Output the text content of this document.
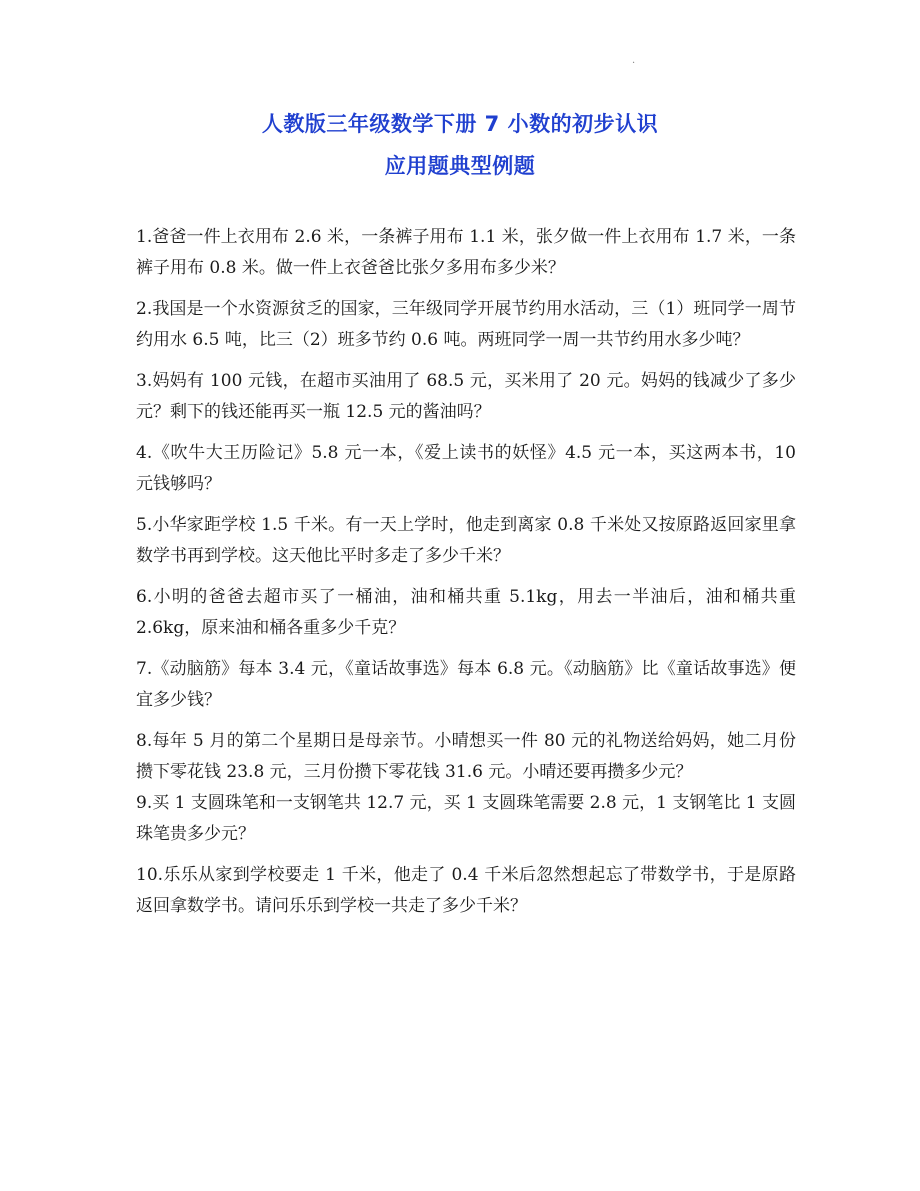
·
人教版三年级数学下册 7 小数的初步认识
应用题典型例题

1.爸爸一件上衣用布 2.6 米，一条裤子用布 1.1 米，张夕做一件上衣用布 1.7 米，一条裤子用布 0.8 米。做一件上衣爸爸比张夕多用布多少米？

2.我国是一个水资源贫乏的国家，三年级同学开展节约用水活动，三（1）班同学一周节约用水 6.5 吨，比三（2）班多节约 0.6 吨。两班同学一周一共节约用水多少吨？

3.妈妈有 100 元钱，在超市买油用了 68.5 元，买米用了 20 元。妈妈的钱减少了多少元？剩下的钱还能再买一瓶 12.5 元的酱油吗？

4.《吹牛大王历险记》5.8 元一本，《爱上读书的妖怪》4.5 元一本，买这两本书，10 元钱够吗？

5.小华家距学校 1.5 千米。有一天上学时，他走到离家 0.8 千米处又按原路返回家里拿数学书再到学校。这天他比平时多走了多少千米？

6.小明的爸爸去超市买了一桶油，油和桶共重 5.1kg，用去一半油后，油和桶共重 2.6kg，原来油和桶各重多少千克？

7.《动脑筋》每本 3.4 元，《童话故事选》每本 6.8 元。《动脑筋》比《童话故事选》便宜多少钱？

8.每年 5 月的第二个星期日是母亲节。小晴想买一件 80 元的礼物送给妈妈，她二月份攒下零花钱 23.8 元，三月份攒下零花钱 31.6 元。小晴还要再攒多少元？

9.买 1 支圆珠笔和一支钢笔共 12.7 元，买 1 支圆珠笔需要 2.8 元，1 支钢笔比 1 支圆珠笔贵多少元？

10.乐乐从家到学校要走 1 千米，他走了 0.4 千米后忽然想起忘了带数学书，于是原路返回拿数学书。请问乐乐到学校一共走了多少千米？
